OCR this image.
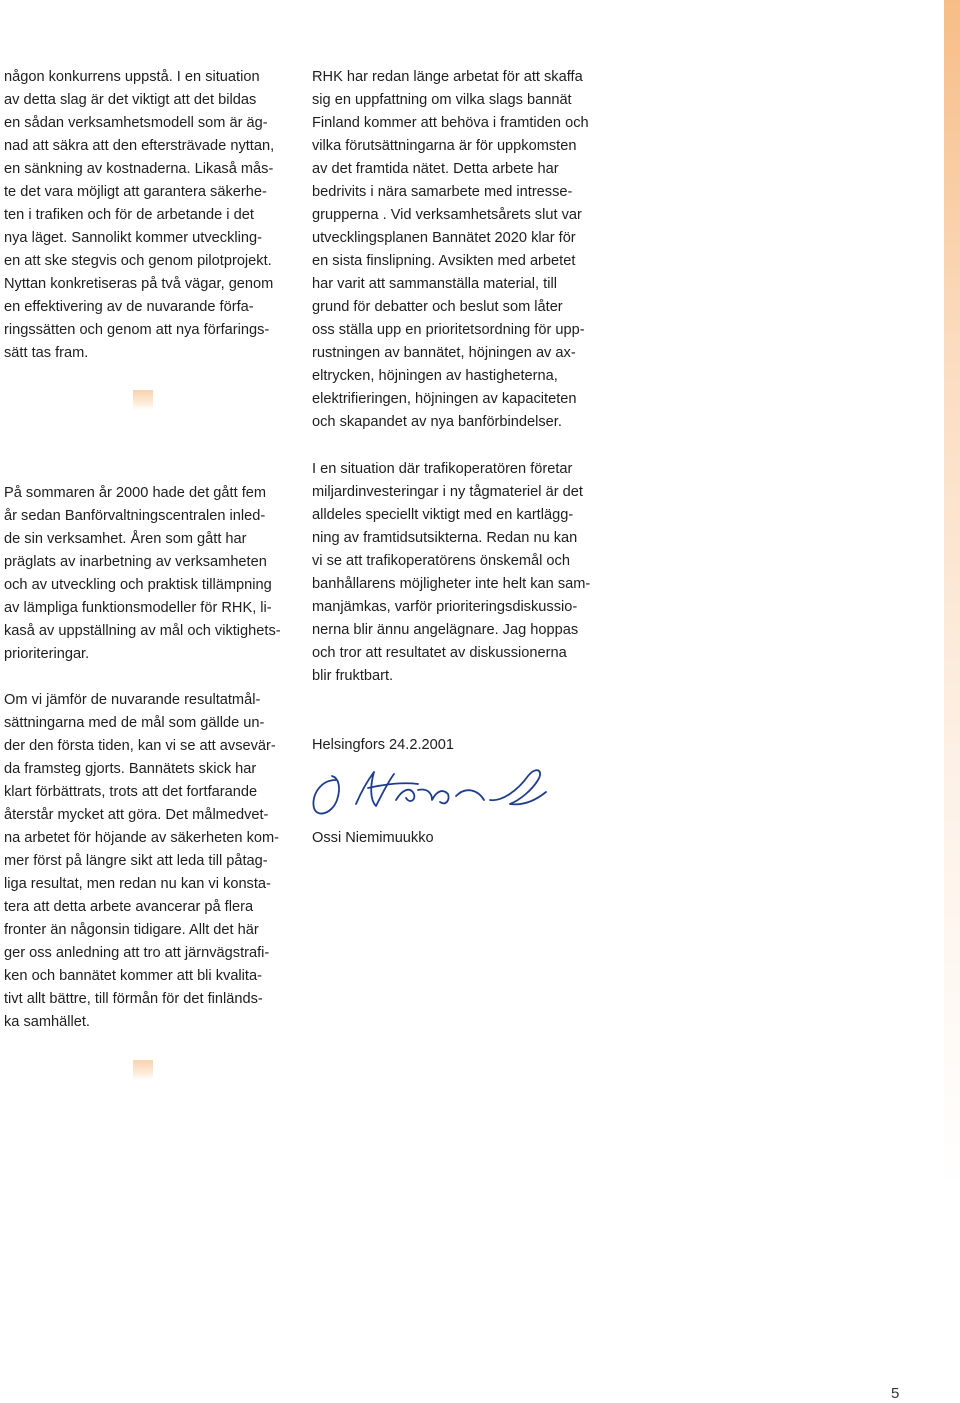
någon konkurrens uppstå. I en situation
av detta slag är det viktigt att det bildas
en sådan verksamhetsmodell som är äg-
nad att säkra att den eftersträvade nyttan,
en sänkning av kostnaderna. Likaså mås-
te det vara möjligt att garantera säkerhe-
ten i trafiken och för de arbetande i det
nya läget. Sannolikt kommer utveckling-
en att ske stegvis och genom pilotprojekt.
Nyttan konkretiseras på två vägar, genom
en effektivering av de nuvarande förfa-
ringssätten och genom att nya förfarings-
sätt tas fram.

På sommaren år 2000 hade det gått fem
år sedan Banförvaltningscentralen inled-
de sin verksamhet. Åren som gått har
präglats av inarbetning av verksamheten
och av utveckling och praktisk tillämpning
av lämpliga funktionsmodeller för RHK, li-
kaså av uppställning av mål och viktighets-
prioriteringar.

Om vi jämför de nuvarande resultatmål-
sättningarna med de mål som gällde un-
der den första tiden, kan vi se att avsevär-
da framsteg gjorts. Bannätets skick har
klart förbättrats, trots att det fortfarande
återstår mycket att göra. Det målmedvet-
na arbetet för höjande av säkerheten kom-
mer först på längre sikt att leda till påtag-
liga resultat, men redan nu kan vi konsta-
tera att detta arbete avancerar på flera
fronter än någonsin tidigare. Allt det här
ger oss anledning att tro att järnvägstrafi-
ken och bannätet kommer att bli kvalita-
tivt allt bättre, till förmån för det finländs-
ka samhället.

RHK har redan länge arbetat för att skaffa
sig en uppfattning om vilka slags bannät
Finland kommer att behöva i framtiden och
vilka förutsättningarna är för uppkomsten
av det framtida nätet. Detta arbete har
bedrivits i nära samarbete med intresse-
grupperna . Vid verksamhetsårets slut var
utvecklingsplanen Bannätet 2020 klar för
en sista finslipning. Avsikten med arbetet
har varit att sammanställa material, till
grund för debatter och beslut som låter
oss ställa upp en prioritetsordning för upp-
rustningen av bannätet, höjningen av ax-
eltrycken, höjningen av hastigheterna,
elektrifieringen, höjningen av kapaciteten
och skapandet av nya banförbindelser.

I en situation där trafikoperatören företar
miljardinvesteringar i ny tågmateriel är det
alldeles speciellt viktigt med en kartlägg-
ning av framtidsutsikterna. Redan nu kan
vi se att trafikoperatörens önskemål och
banhållarens möjligheter inte helt kan sam-
manjämkas, varför prioriteringsdiskussio-
nerna blir ännu angelägnare. Jag hoppas
och tror att resultatet av diskussionerna
blir fruktbart.

Helsingfors 24.2.2001

Ossi Niemimuukko
5
